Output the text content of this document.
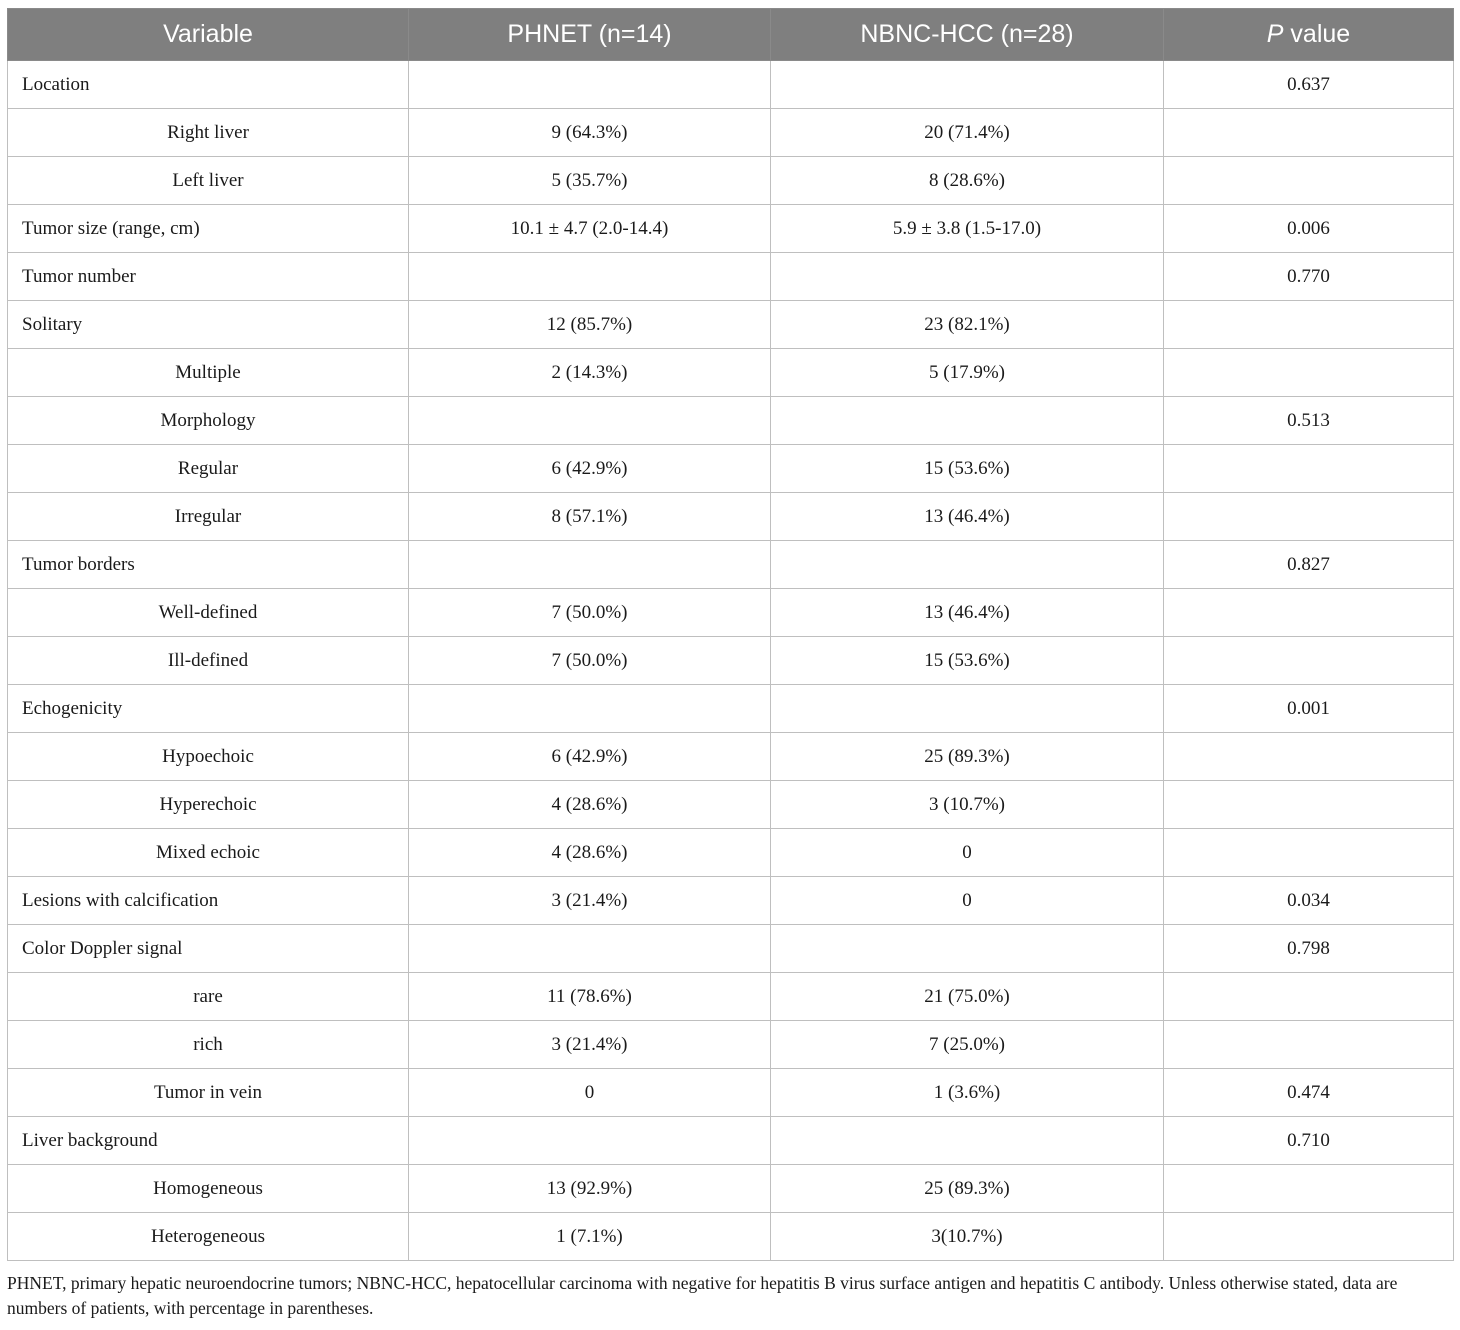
Variable	PHNET (n=14)	NBNC-HCC (n=28)	P value
Location			0.637
Right liver	9 (64.3%)	20 (71.4%)	
Left liver	5 (35.7%)	8 (28.6%)	
Tumor size (range, cm)	10.1 ± 4.7 (2.0-14.4)	5.9 ± 3.8 (1.5-17.0)	0.006
Tumor number			0.770
Solitary	12 (85.7%)	23 (82.1%)	
Multiple	2 (14.3%)	5 (17.9%)	
Morphology			0.513
Regular	6 (42.9%)	15 (53.6%)	
Irregular	8 (57.1%)	13 (46.4%)	
Tumor borders			0.827
Well-defined	7 (50.0%)	13 (46.4%)	
Ill-defined	7 (50.0%)	15 (53.6%)	
Echogenicity			0.001
Hypoechoic	6 (42.9%)	25 (89.3%)	
Hyperechoic	4 (28.6%)	3 (10.7%)	
Mixed echoic	4 (28.6%)	0	
Lesions with calcification	3 (21.4%)	0	0.034
Color Doppler signal			0.798
rare	11 (78.6%)	21 (75.0%)	
rich	3 (21.4%)	7 (25.0%)	
Tumor in vein	0	1 (3.6%)	0.474
Liver background			0.710
Homogeneous	13 (92.9%)	25 (89.3%)	
Heterogeneous	1 (7.1%)	3(10.7%)	
PHNET, primary hepatic neuroendocrine tumors; NBNC-HCC, hepatocellular carcinoma with negative for hepatitis B virus surface antigen and hepatitis C antibody. Unless otherwise stated, data are numbers of patients, with percentage in parentheses.
